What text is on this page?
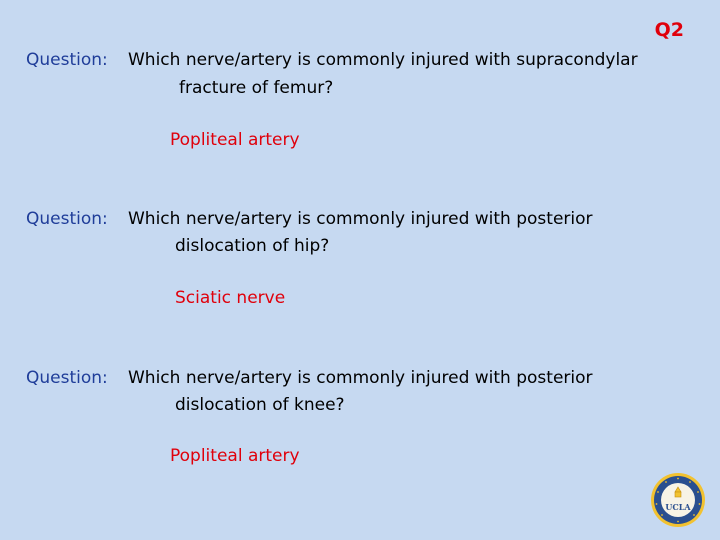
Q2
Question: Which nerve/artery is commonly injured with supracondylar
fracture of femur?
Popliteal artery
Question: Which nerve/artery is commonly injured with posterior
dislocation of hip?
Sciatic nerve
Question: Which nerve/artery is commonly injured with posterior
dislocation of knee?
Popliteal artery
UCLA
